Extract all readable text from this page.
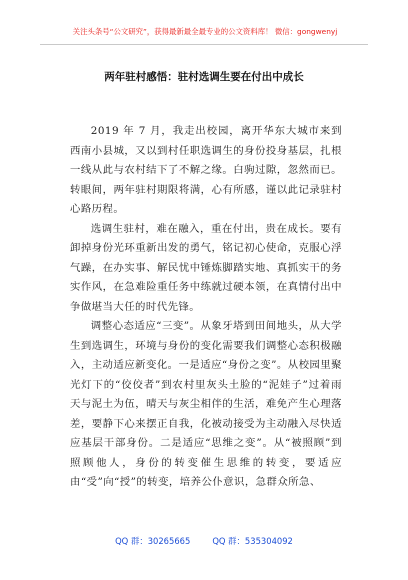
关注头条号“公文研究”，获得最新最全最专业的公文资料库！ 微信：gongwenyj
两年驻村感悟：驻村选调生要在付出中成长

2019 年 7 月，我走出校园，离开华东大城市来到西南小县城，又以到村任职选调生的身份投身基层，扎根一线从此与农村结下了不解之缘。白驹过隙，忽然而已。转眼间，两年驻村期限将满，心有所感，谨以此记录驻村心路历程。

选调生驻村，难在融入，重在付出，贵在成长。要有卸掉身份光环重新出发的勇气，铭记初心使命，克服心浮气躁，在办实事、解民忧中锤炼脚踏实地、真抓实干的务实作风，在急难险重任务中练就过硬本领，在真情付出中争做堪当大任的时代先锋。

调整心态适应“三变”。从象牙塔到田间地头，从大学生到选调生，环境与身份的变化需要我们调整心态积极融入，主动适应新变化。一是适应“身份之变”。从校园里聚光灯下的“佼佼者”到农村里灰头土脸的“泥娃子”过着雨天与泥土为伍，晴天与灰尘相伴的生活，难免产生心理落差，要静下心来摆正自我，化被动接受为主动融入尽快适应基层干部身份。二是适应“思维之变”。从“被照顾”到照顾他人，身份的转变催生思维的转变，要适应由“受”向“授”的转变，培养公仆意识，急群众所急、

QQ 群：30265665	QQ 群：535304092
